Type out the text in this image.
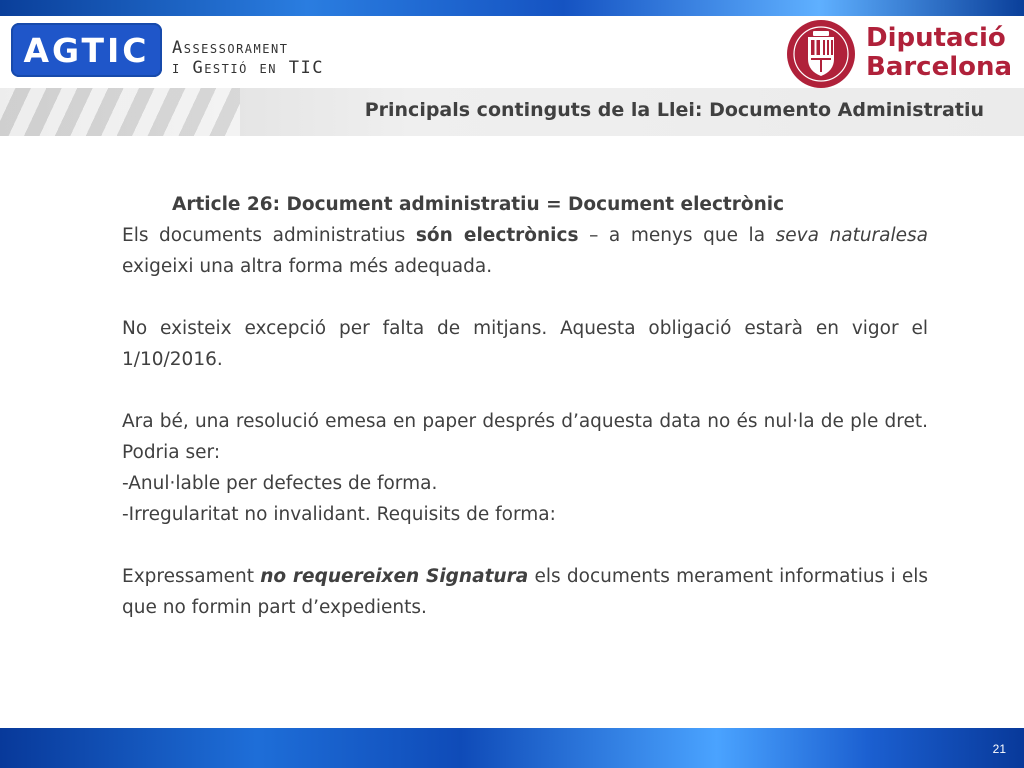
AGTIC Assessorament
i Gestió en TIC
Diputació
Barcelona
Principals continguts de la Llei: Documento Administratiu

Article 26: Document administratiu = Document electrònic

Els documents administratius són electrònics – a menys que la seva naturalesa exigeixi una altra forma més adequada.

No existeix excepció per falta de mitjans. Aquesta obligació estarà en vigor el 1/10/2016.

Ara bé, una resolució emesa en paper després d’aquesta data no és nul·la de ple dret. Podria ser:

-Anul·lable per defectes de forma.

-Irregularitat no invalidant. Requisits de forma:

Expressament no requereixen Signatura els documents merament informatius i els que no formin part d’expedients.

21
